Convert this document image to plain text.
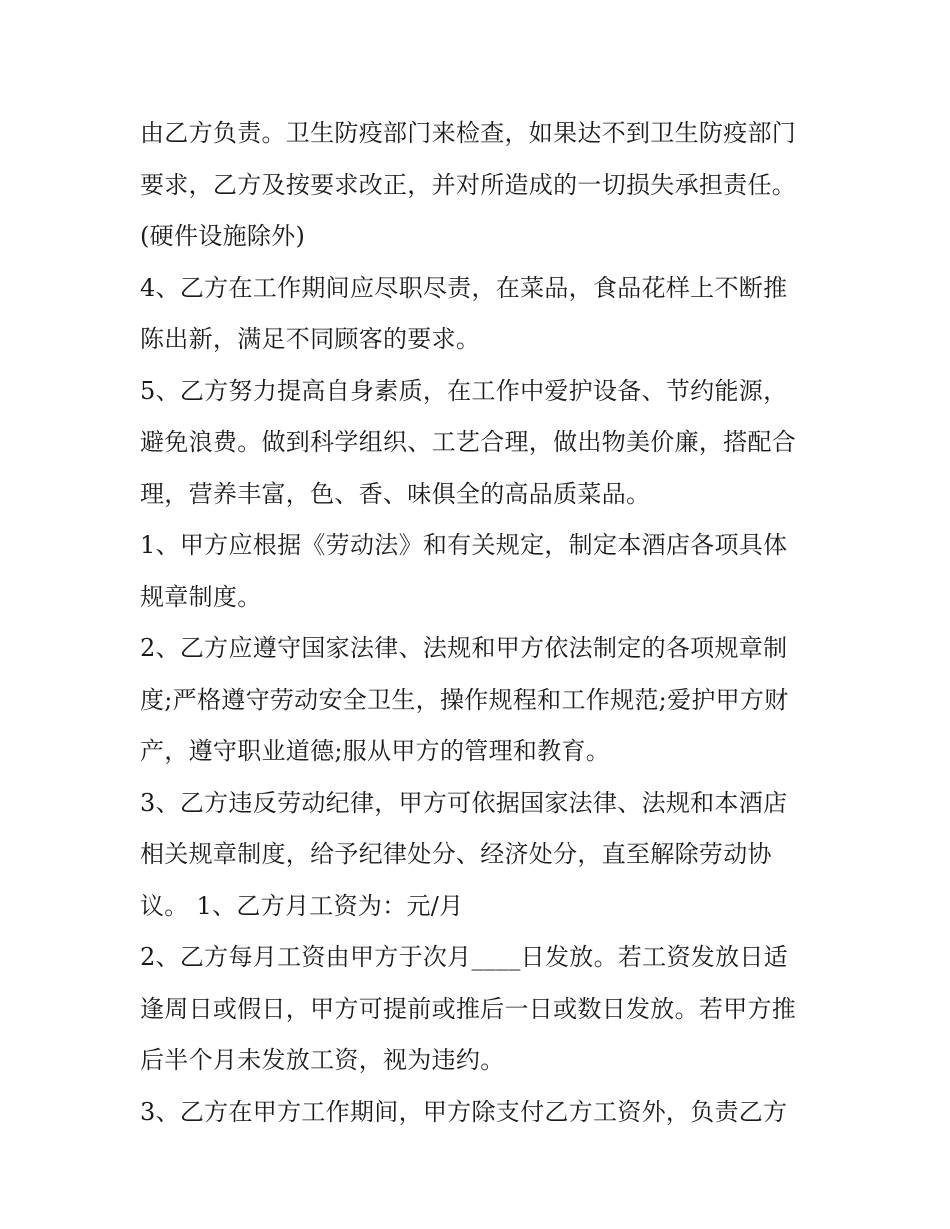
由乙方负责。卫生防疫部门来检查，如果达不到卫生防疫部门
要求，乙方及按要求改正，并对所造成的一切损失承担责任。
(硬件设施除外)
4、乙方在工作期间应尽职尽责，在菜品，食品花样上不断推
陈出新，满足不同顾客的要求。
5、乙方努力提高自身素质，在工作中爱护设备、节约能源，
避免浪费。做到科学组织、工艺合理，做出物美价廉，搭配合
理，营养丰富，色、香、味俱全的高品质菜品。
1、甲方应根据《劳动法》和有关规定，制定本酒店各项具体
规章制度。
2、乙方应遵守国家法律、法规和甲方依法制定的各项规章制
度;严格遵守劳动安全卫生，操作规程和工作规范;爱护甲方财
产，遵守职业道德;服从甲方的管理和教育。
3、乙方违反劳动纪律，甲方可依据国家法律、法规和本酒店
相关规章制度，给予纪律处分、经济处分，直至解除劳动协
议。 1、乙方月工资为：元/月
2、乙方每月工资由甲方于次月____日发放。若工资发放日适
逢周日或假日，甲方可提前或推后一日或数日发放。若甲方推
后半个月未发放工资，视为违约。
3、乙方在甲方工作期间，甲方除支付乙方工资外，负责乙方
